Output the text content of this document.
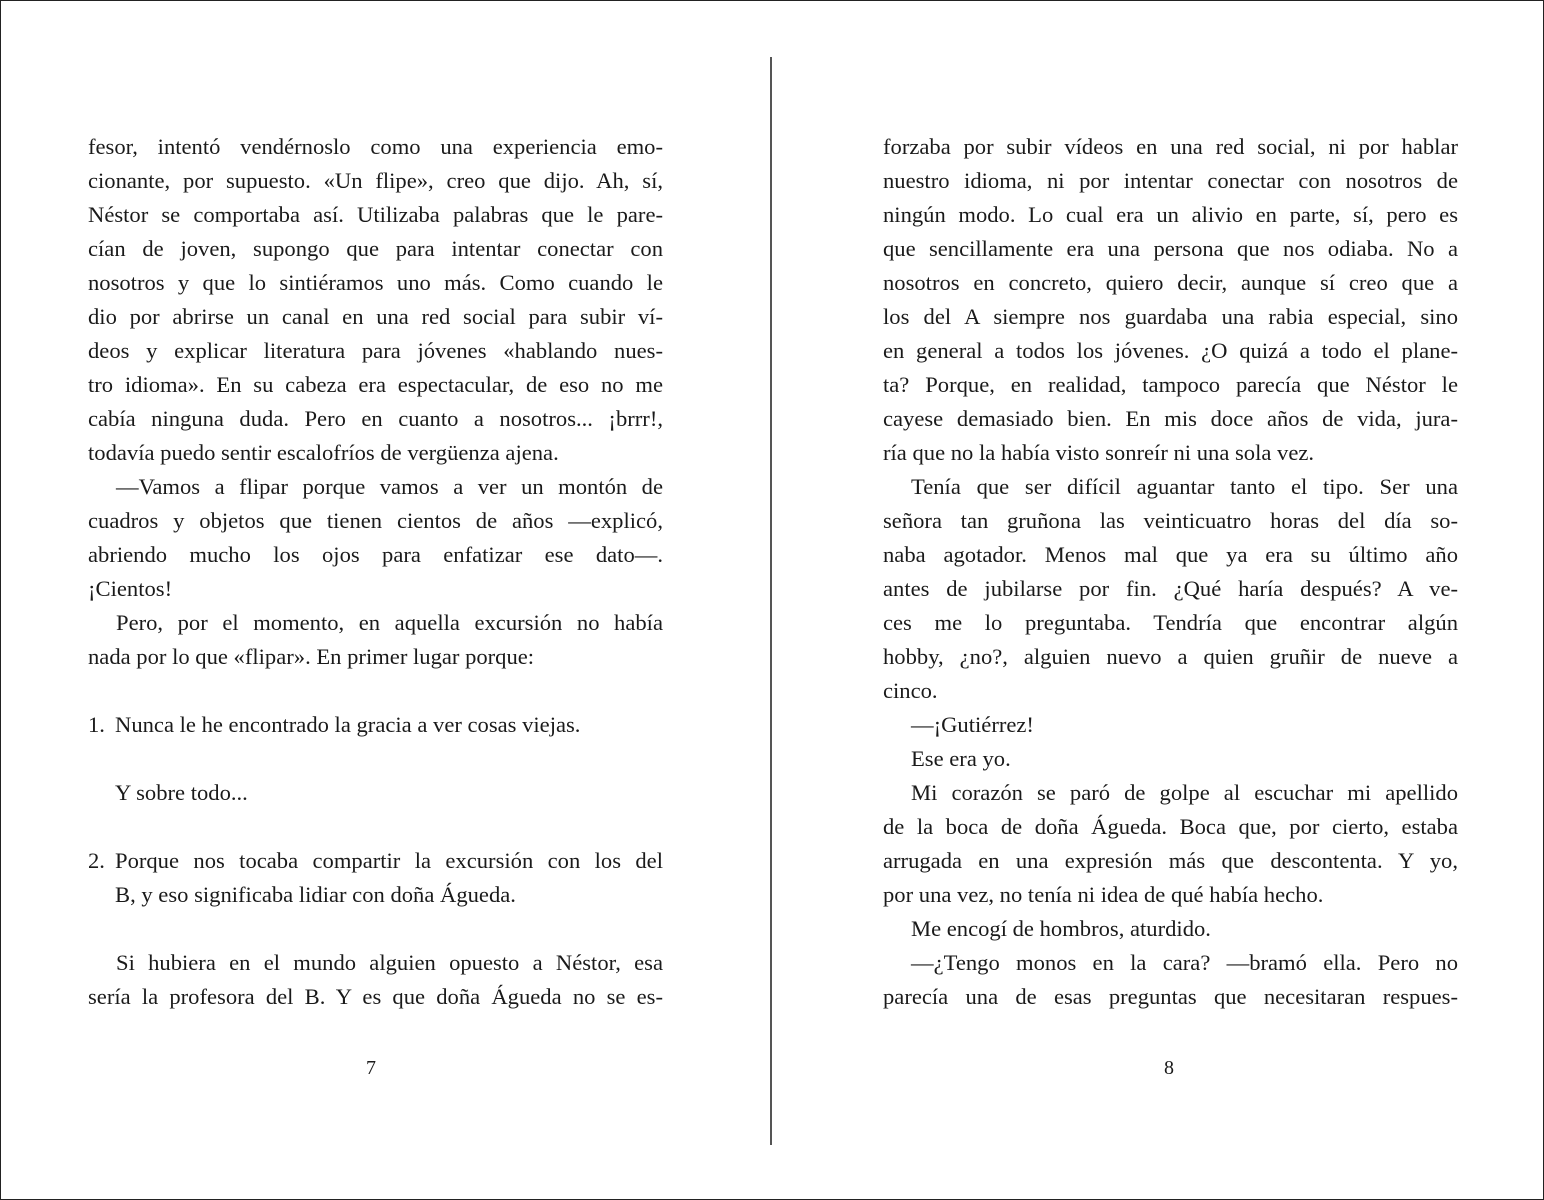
fesor, intentó vendérnoslo como una experiencia emo-
cionante, por supuesto. «Un flipe», creo que dijo. Ah, sí,
Néstor se comportaba así. Utilizaba palabras que le pare-
cían de joven, supongo que para intentar conectar con
nosotros y que lo sintiéramos uno más. Como cuando le
dio por abrirse un canal en una red social para subir ví-
deos y explicar literatura para jóvenes «hablando nues-
tro idioma». En su cabeza era espectacular, de eso no me
cabía ninguna duda. Pero en cuanto a nosotros... ¡brrr!,
todavía puedo sentir escalofríos de vergüenza ajena.
—Vamos a flipar porque vamos a ver un montón de
cuadros y objetos que tienen cientos de años —explicó,
abriendo mucho los ojos para enfatizar ese dato—.
¡Cientos!
Pero, por el momento, en aquella excursión no había
nada por lo que «flipar». En primer lugar porque:
1. Nunca le he encontrado la gracia a ver cosas viejas.
Y sobre todo...
2. Porque nos tocaba compartir la excursión con los del
B, y eso significaba lidiar con doña Águeda.
Si hubiera en el mundo alguien opuesto a Néstor, esa
sería la profesora del B. Y es que doña Águeda no se es-
forzaba por subir vídeos en una red social, ni por hablar
nuestro idioma, ni por intentar conectar con nosotros de
ningún modo. Lo cual era un alivio en parte, sí, pero es
que sencillamente era una persona que nos odiaba. No a
nosotros en concreto, quiero decir, aunque sí creo que a
los del A siempre nos guardaba una rabia especial, sino
en general a todos los jóvenes. ¿O quizá a todo el plane-
ta? Porque, en realidad, tampoco parecía que Néstor le
cayese demasiado bien. En mis doce años de vida, jura-
ría que no la había visto sonreír ni una sola vez.
Tenía que ser difícil aguantar tanto el tipo. Ser una
señora tan gruñona las veinticuatro horas del día so-
naba agotador. Menos mal que ya era su último año
antes de jubilarse por fin. ¿Qué haría después? A ve-
ces me lo preguntaba. Tendría que encontrar algún
hobby, ¿no?, alguien nuevo a quien gruñir de nueve a
cinco.
—¡Gutiérrez!
Ese era yo.
Mi corazón se paró de golpe al escuchar mi apellido
de la boca de doña Águeda. Boca que, por cierto, estaba
arrugada en una expresión más que descontenta. Y yo,
por una vez, no tenía ni idea de qué había hecho.
Me encogí de hombros, aturdido.
—¿Tengo monos en la cara? —bramó ella. Pero no
parecía una de esas preguntas que necesitaran respues-
7	8
